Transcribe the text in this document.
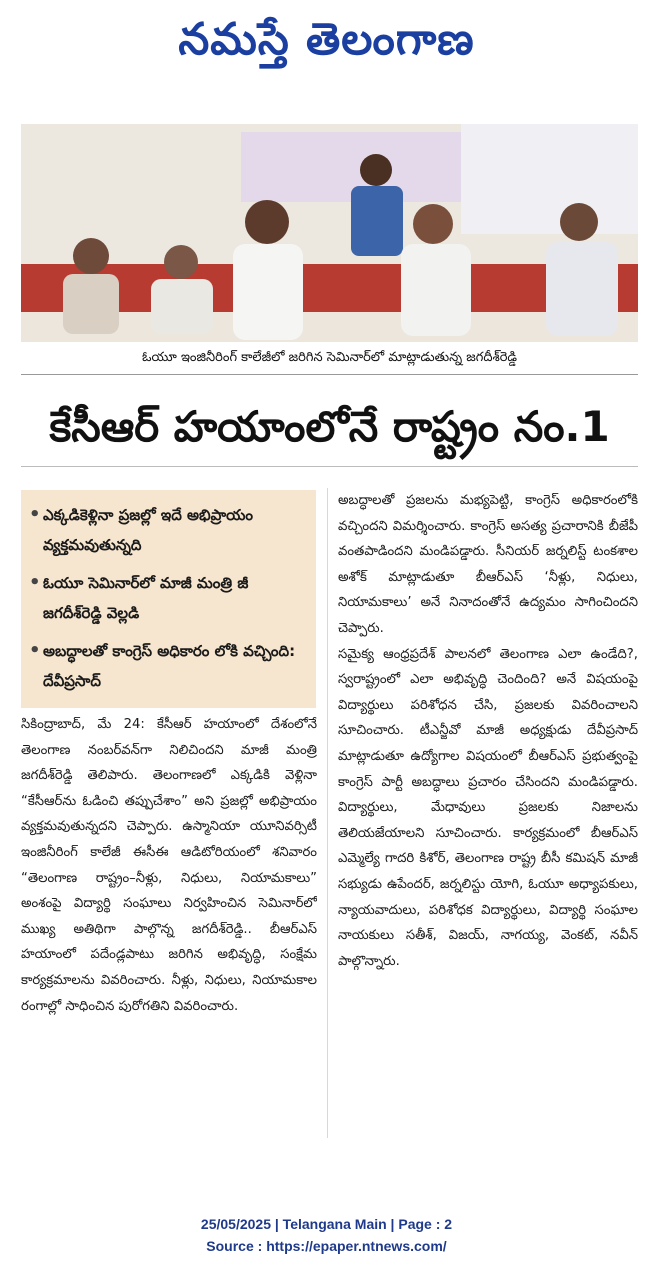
నమస్తే తెలంగాణ
ఓయూ ఇంజినీరింగ్ కాలేజీలో జరిగిన సెమినార్‌లో మాట్లాడుతున్న జగదీశ్‌రెడ్డి
కేసీఆర్ హయాంలోనే రాష్ట్రం నం.1
• ఎక్కడికెళ్లినా ప్రజల్లో ఇదే అభిప్రాయం వ్యక్తమవుతున్నది
• ఓయూ సెమినార్‌లో మాజీ మంత్రి జీ జగదీశ్‌రెడ్డి వెల్లడి
• అబద్ధాలతో కాంగ్రెస్ అధికారం లోకి వచ్చింది: దేవీప్రసాద్

సికింద్రాబాద్, మే 24: కేసీఆర్ హయాంలో దేశంలోనే తెలంగాణ నంబర్‌వన్‌గా నిలిచిందని మాజీ మంత్రి జగదీశ్‌రెడ్డి తెలిపారు. తెలంగాణలో ఎక్కడికి వెళ్లినా “కేసీఆర్‌ను ఓడించి తప్పుచేశాం” అని ప్రజల్లో అభిప్రాయం వ్యక్తమవుతున్నదని చెప్పారు. ఉస్మానియా యూనివర్సిటీ ఇంజినీరింగ్ కాలేజీ ఈసీఈ ఆడిటోరియంలో శనివారం “తెలంగాణ రాష్ట్రం–నీళ్లు, నిధులు, నియామకాలు” అంశంపై విద్యార్థి సంఘాలు నిర్వహించిన సెమినార్‌లో ముఖ్య అతిథిగా పాల్గొన్న జగదీశ్‌రెడ్డి.. బీఆర్‌ఎస్ హయాంలో పదేండ్లపాటు జరిగిన అభివృద్ధి, సంక్షేమ కార్యక్రమాలను వివరించారు. నీళ్లు, నిధులు, నియామకాల రంగాల్లో సాధించిన పురోగతిని వివరించారు.

అబద్ధాలతో ప్రజలను మభ్యపెట్టి, కాంగ్రెస్ అధికారంలోకి వచ్చిందని విమర్శించారు. కాంగ్రెస్ అసత్య ప్రచారానికి బీజేపీ వంతపాడిందని మండిపడ్డారు. సీనియర్ జర్నలిస్ట్ టంకశాల అశోక్ మాట్లాడుతూ బీఆర్‌ఎస్ ‘నీళ్లు, నిధులు, నియామకాలు’ అనే నినాదంతోనే ఉద్యమం సాగించిందని చెప్పారు.

సమైక్య ఆంధ్రప్రదేశ్ పాలనలో తెలంగాణ ఎలా ఉండేది?, స్వరాష్ట్రంలో ఎలా అభివృద్ధి చెందింది? అనే విషయంపై విద్యార్థులు పరిశోధన చేసి, ప్రజలకు వివరించాలని సూచించారు. టీఎన్జీవో మాజీ అధ్యక్షుడు దేవీప్రసాద్ మాట్లాడుతూ ఉద్యోగాల విషయంలో బీఆర్‌ఎస్ ప్రభుత్వంపై కాంగ్రెస్ పార్టీ అబద్ధాలు ప్రచారం చేసిందని మండిపడ్డారు. విద్యార్థులు, మేధావులు ప్రజలకు నిజాలను తెలియజేయాలని సూచించారు. కార్యక్రమంలో బీఆర్‌ఎస్ ఎమ్మెల్యే గాదరి కిశోర్, తెలంగాణ రాష్ట్ర బీసీ కమిషన్ మాజీ సభ్యుడు ఉపేందర్, జర్నలిస్టు యోగి, ఓయూ అధ్యాపకులు, న్యాయవాదులు, పరిశోధక విద్యార్థులు, విద్యార్థి సంఘాల నాయకులు సతీశ్, విజయ్, నాగయ్య, వెంకట్, నవీన్ పాల్గొన్నారు.

25/05/2025 | Telangana Main | Page : 2
Source : https://epaper.ntnews.com/
